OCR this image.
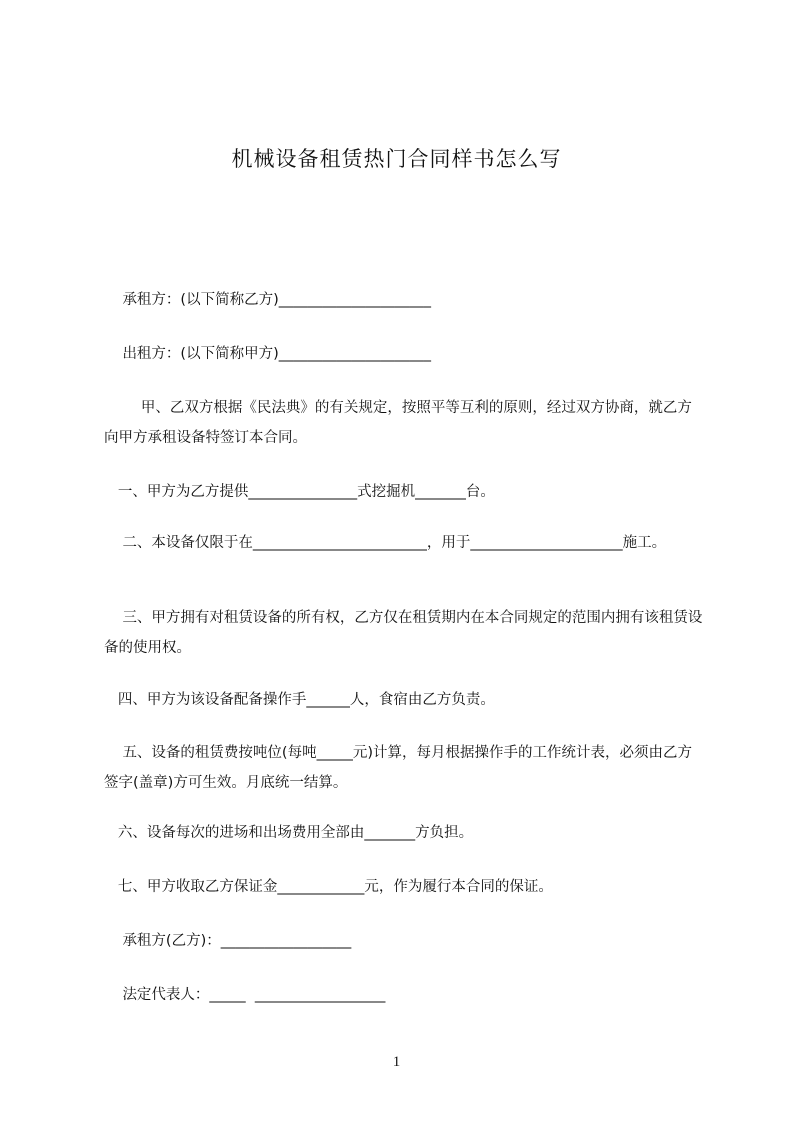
机械设备租赁热门合同样书怎么写
承租方：(以下简称乙方)_____________________
出租方：(以下简称甲方)_____________________
甲、乙双方根据《民法典》的有关规定，按照平等互利的原则，经过双方协商，就乙方向甲方承租设备特签订本合同。
一、甲方为乙方提供_______________式挖掘机_______台。
二、本设备仅限于在________________________，用于_____________________施工。
三、甲方拥有对租赁设备的所有权，乙方仅在租赁期内在本合同规定的范围内拥有该租赁设备的使用权。
四、甲方为该设备配备操作手______人，食宿由乙方负责。
五、设备的租赁费按吨位(每吨_____元)计算，每月根据操作手的工作统计表，必须由乙方签字(盖章)方可生效。月底统一结算。
六、设备每次的进场和出场费用全部由_______方负担。
七、甲方收取乙方保证金____________元，作为履行本合同的保证。
承租方(乙方)：__________________
法定代表人：_____  __________________
1
